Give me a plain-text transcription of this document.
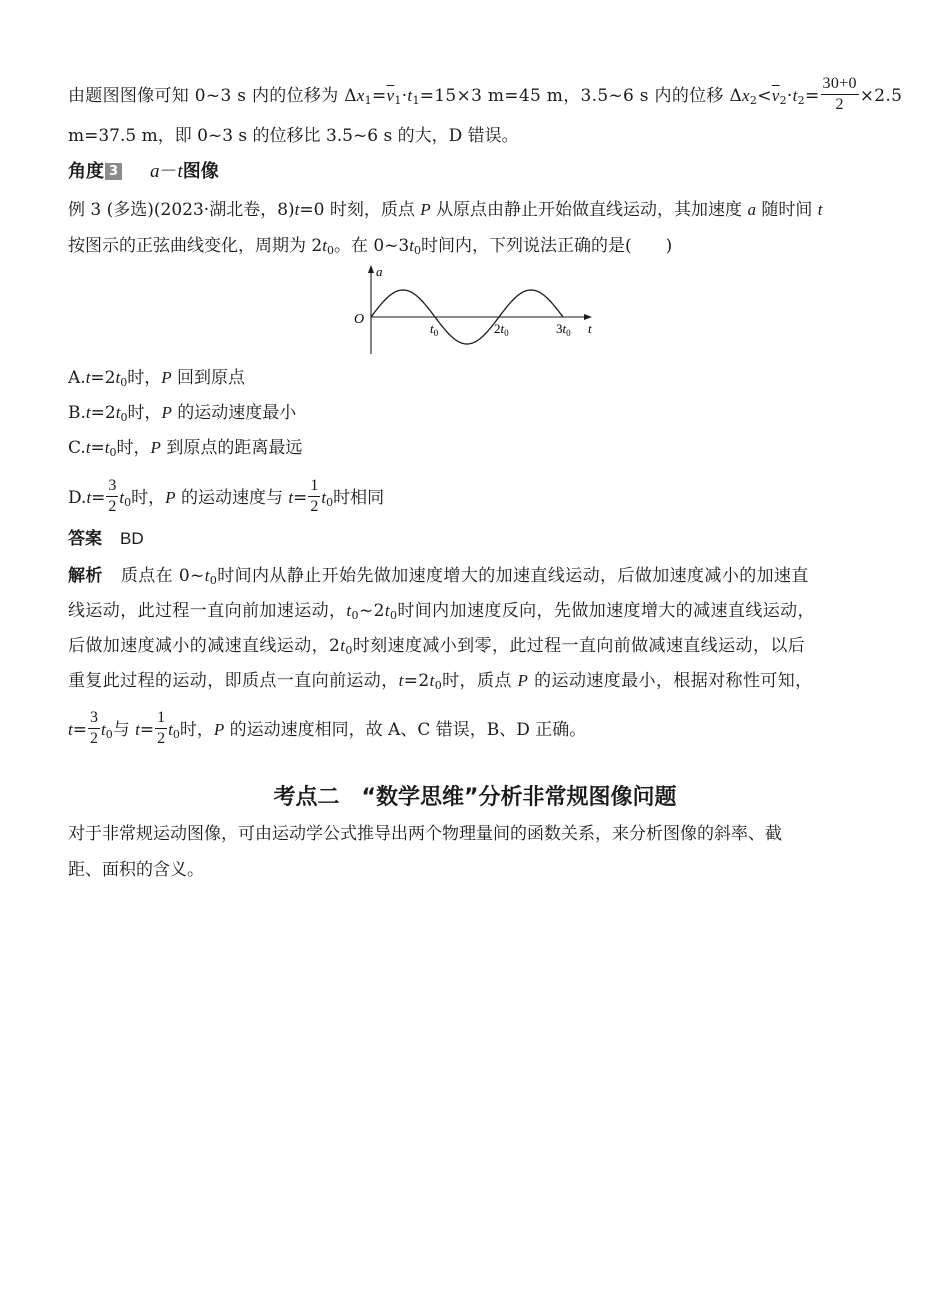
由题图图像可知 0~3 s 内的位移为 $\Delta x_1=\overline{v}_1\cdot t_1=15\times 3$ m=45 m，3.5~6 s 内的位移 $\Delta x_2<\overline{v}_2\cdot t_2= \frac{30+0}{2} \times 2.5$
m=37.5 m，即 0~3 s 的位移比 3.5~6 s 的大，D 错误。
角度 3 a－t图像
例 3 (多选)(2023·湖北卷，8)t=0 时刻，质点 P 从原点由静止开始做直线运动，其加速度 a 随时间 t
按图示的正弦曲线变化，周期为 $2t_0$。在 $0\sim 3t_0$时间内，下列说法正确的是(　　)
a
O
t
$t_0$	$2t_0$	$3t_0$
$A.t=2t_0$时，P 回到原点
$B.t=2t_0$时，P 的运动速度最小
$C.t=t_0$时，P 到原点的距离最远
$D.t= \frac{3}{2} t_0$时，P 的运动速度与 $t= \frac{1}{2} t_0$时相同
答案 BD
解析 质点在 $0\sim t_0$时间内从静止开始先做加速度增大的加速直线运动，后做加速度减小的加速直
线运动，此过程一直向前加速运动，$t_0\sim 2t_0$时间内加速度反向，先做加速度增大的减速直线运动，
后做加速度减小的减速直线运动，$2t_0$时刻速度减小到零，此过程一直向前做减速直线运动，以后
重复此过程的运动，即质点一直向前运动，$t=2t_0$时，质点 P 的运动速度最小，根据对称性可知，
$t= \frac{3}{2} t_0$与 $t= \frac{1}{2} t_0$时，P 的运动速度相同，故 A、C 错误，B、D 正确。
考点二　“数学思维”分析非常规图像问题
对于非常规运动图像，可由运动学公式推导出两个物理量间的函数关系，来分析图像的斜率、截
距、面积的含义。
